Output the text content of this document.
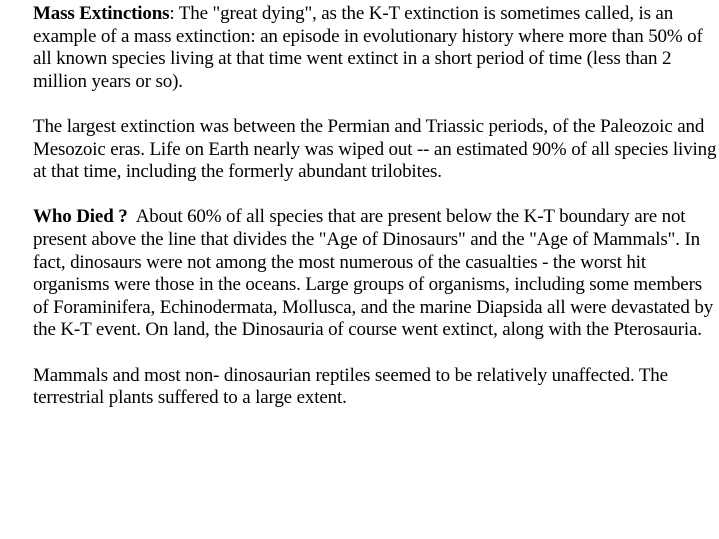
Mass Extinctions: The "great dying", as the K-T extinction is sometimes called, is an example of a mass extinction: an episode in evolutionary history where more than 50% of all known species living at that time went extinct in a short period of time (less than 2 million years or so).

The largest extinction was between the Permian and Triassic periods, of the Paleozoic and Mesozoic eras. Life on Earth nearly was wiped out -- an estimated 90% of all species living at that time, including the formerly abundant trilobites.

Who Died ?  About 60% of all species that are present below the K-T boundary are not present above the line that divides the "Age of Dinosaurs" and the "Age of Mammals". In fact, dinosaurs were not among the most numerous of the casualties - the worst hit organisms were those in the oceans. Large groups of organisms, including some members of Foraminifera, Echinodermata, Mollusca, and the marine Diapsida all were devastated by the K-T event. On land, the Dinosauria of course went extinct, along with the Pterosauria.

Mammals and most non- dinosaurian reptiles seemed to be relatively unaffected. The terrestrial plants suffered to a large extent.
